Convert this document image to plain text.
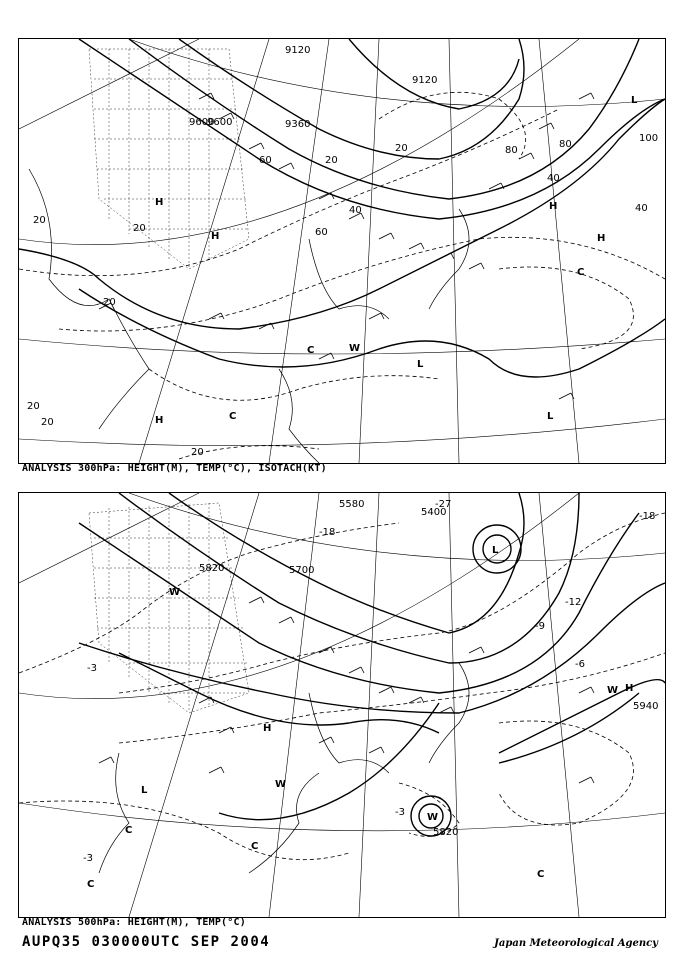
9120
9120
9360
9600
9600
20
20
20
20
20
20
20
40
40
40
60
60
80
80
100
20
H
H
H
H
H
L
L
L
C
C
C
W
ANALYSIS 300hPa: HEIGHT(M), TEMP(°C), ISOTACH(KT)
5580
5400
5700
5820
5820
5940
-27
-18
-18
-12
-9
-6
-3
-3
-3
L
H
H
W
W
W
L
C
C
C
C
W
ANALYSIS 500hPa: HEIGHT(M), TEMP(°C)
AUPQ35 030000UTC SEP 2004	Japan Meteorological Agency
